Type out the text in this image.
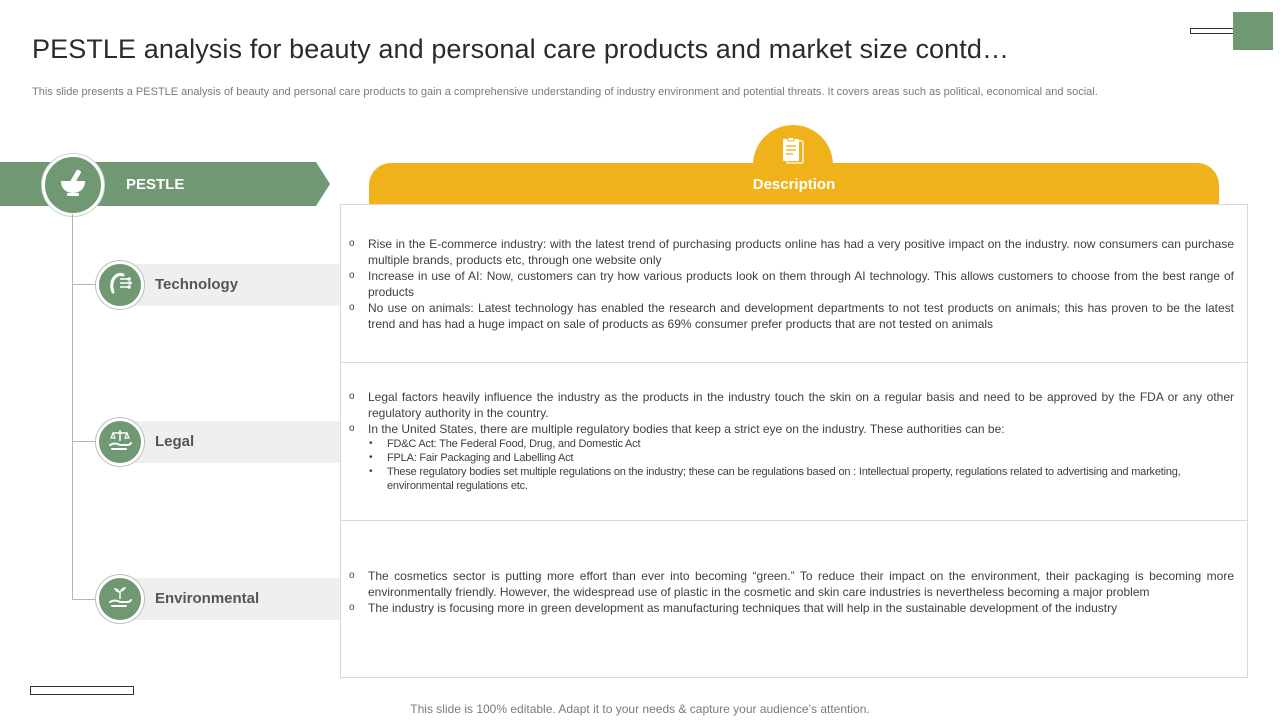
PESTLE analysis for beauty and personal care products and market size contd…
This slide presents a PESTLE analysis of beauty and personal care products to gain a comprehensive understanding of industry environment and potential threats. It covers areas such as political, economical and social.
PESTLE
Technology
Legal
Environmental
Description
o Rise in the E-commerce industry: with the latest trend of purchasing products online has had a very positive impact on the industry. now consumers can purchase multiple brands, products etc, through one website only
o Increase in use of AI: Now, customers can try how various products look on them through AI technology. This allows customers to choose from the best range of products
o No use on animals: Latest technology has enabled the research and development departments to not test products on animals; this has proven to be the latest trend and has had a huge impact on sale of products as 69% consumer prefer products that are not tested on animals
o Legal factors heavily influence the industry as the products in the industry touch the skin on a regular basis and need to be approved by the FDA or any other regulatory authority in the country.
o In the United States, there are multiple regulatory bodies that keep a strict eye on the industry. These authorities can be:
• FD&C Act: The Federal Food, Drug, and Domestic Act
• FPLA: Fair Packaging and Labelling Act
• These regulatory bodies set multiple regulations on the industry; these can be regulations based on : Intellectual property, regulations related to advertising and marketing, environmental regulations etc.
o The cosmetics sector is putting more effort than ever into becoming “green.” To reduce their impact on the environment, their packaging is becoming more environmentally friendly. However, the widespread use of plastic in the cosmetic and skin care industries is nevertheless becoming a major problem
o The industry is focusing more in green development as manufacturing techniques that will help in the sustainable development of the industry
This slide is 100% editable. Adapt it to your needs & capture your audience’s attention.
